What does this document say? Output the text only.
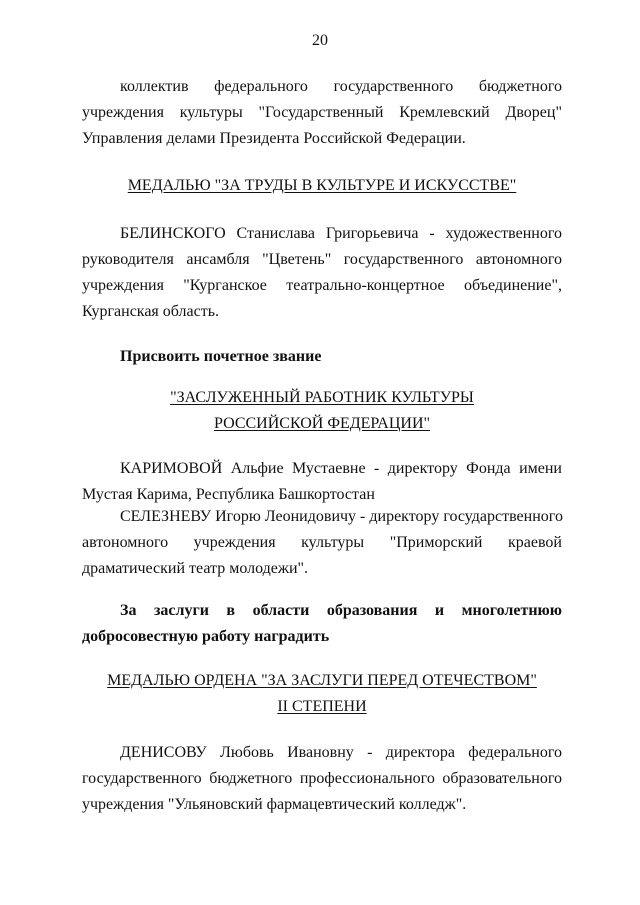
20
коллектив федерального государственного бюджетного
учреждения культуры "Государственный Кремлевский Дворец"
Управления делами Президента Российской Федерации.
МЕДАЛЬЮ "ЗА ТРУДЫ В КУЛЬТУРЕ И ИСКУССТВЕ"
БЕЛИНСКОГО Станислава Григорьевича - художественного
руководителя ансамбля "Цветень" государственного автономного
учреждения "Курганское театрально-концертное объединение",
Курганская область.
Присвоить почетное звание
"ЗАСЛУЖЕННЫЙ РАБОТНИК КУЛЬТУРЫ
РОССИЙСКОЙ ФЕДЕРАЦИИ"
КАРИМОВОЙ Альфие Мустаевне - директору Фонда имени
Мустая Карима, Республика Башкортостан
СЕЛЕЗНЕВУ Игорю Леонидовичу - директору государственного
автономного учреждения культуры "Приморский краевой
драматический театр молодежи".
За заслуги в области образования и многолетнюю
добросовестную работу наградить
МЕДАЛЬЮ ОРДЕНА "ЗА ЗАСЛУГИ ПЕРЕД ОТЕЧЕСТВОМ"
II СТЕПЕНИ
ДЕНИСОВУ Любовь Ивановну - директора федерального
государственного бюджетного профессионального образовательного
учреждения "Ульяновский фармацевтический колледж".
